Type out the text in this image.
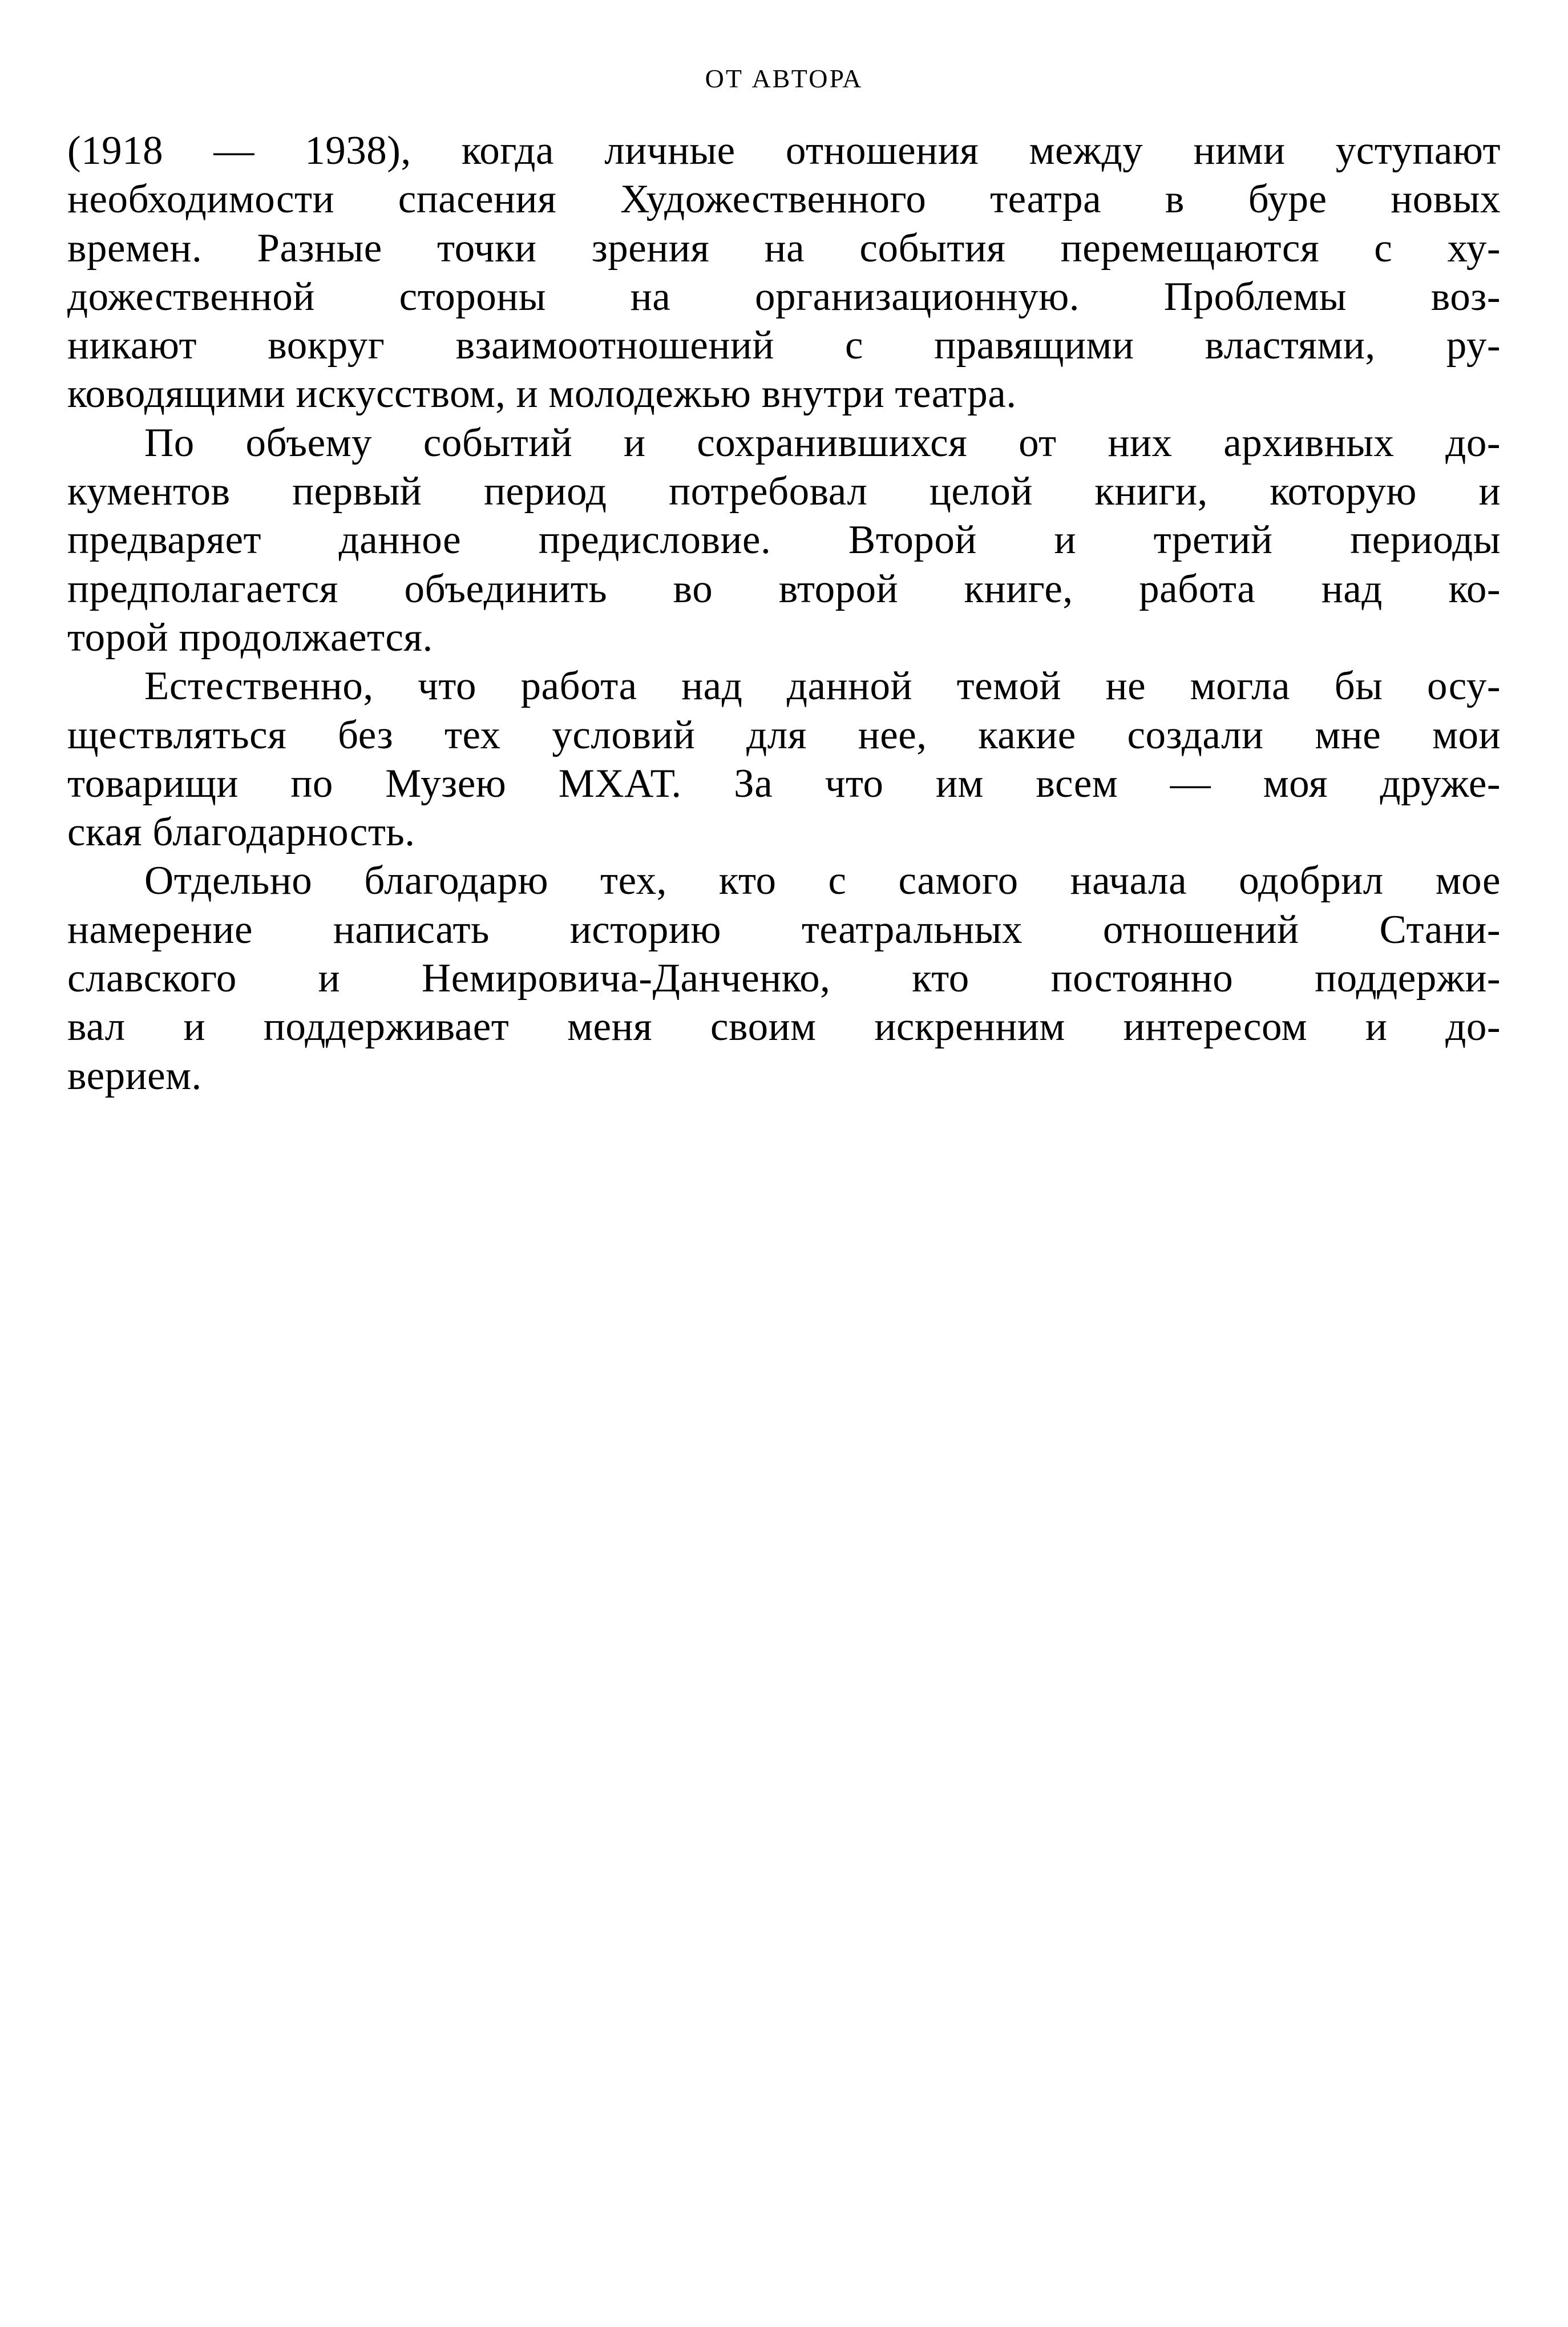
ОТ АВТОРА
(1918 — 1938), когда личные отношения между ними уступают
необходимости спасения Художественного театра в буре новых
времен. Разные точки зрения на события перемещаются с ху-
дожественной стороны на организационную. Проблемы воз-
никают вокруг взаимоотношений с правящими властями, ру-
ководящими искусством, и молодежью внутри театра.
По объему событий и сохранившихся от них архивных до-
кументов первый период потребовал целой книги, которую и
предваряет данное предисловие. Второй и третий периоды
предполагается объединить во второй книге, работа над ко-
торой продолжается.
Естественно, что работа над данной темой не могла бы осу-
ществляться без тех условий для нее, какие создали мне мои
товарищи по Музею МХАТ. За что им всем — моя друже-
ская благодарность.
Отдельно благодарю тех, кто с самого начала одобрил мое
намерение написать историю театральных отношений Стани-
славского и Немировича-Данченко, кто постоянно поддержи-
вал и поддерживает меня своим искренним интересом и до-
верием.
